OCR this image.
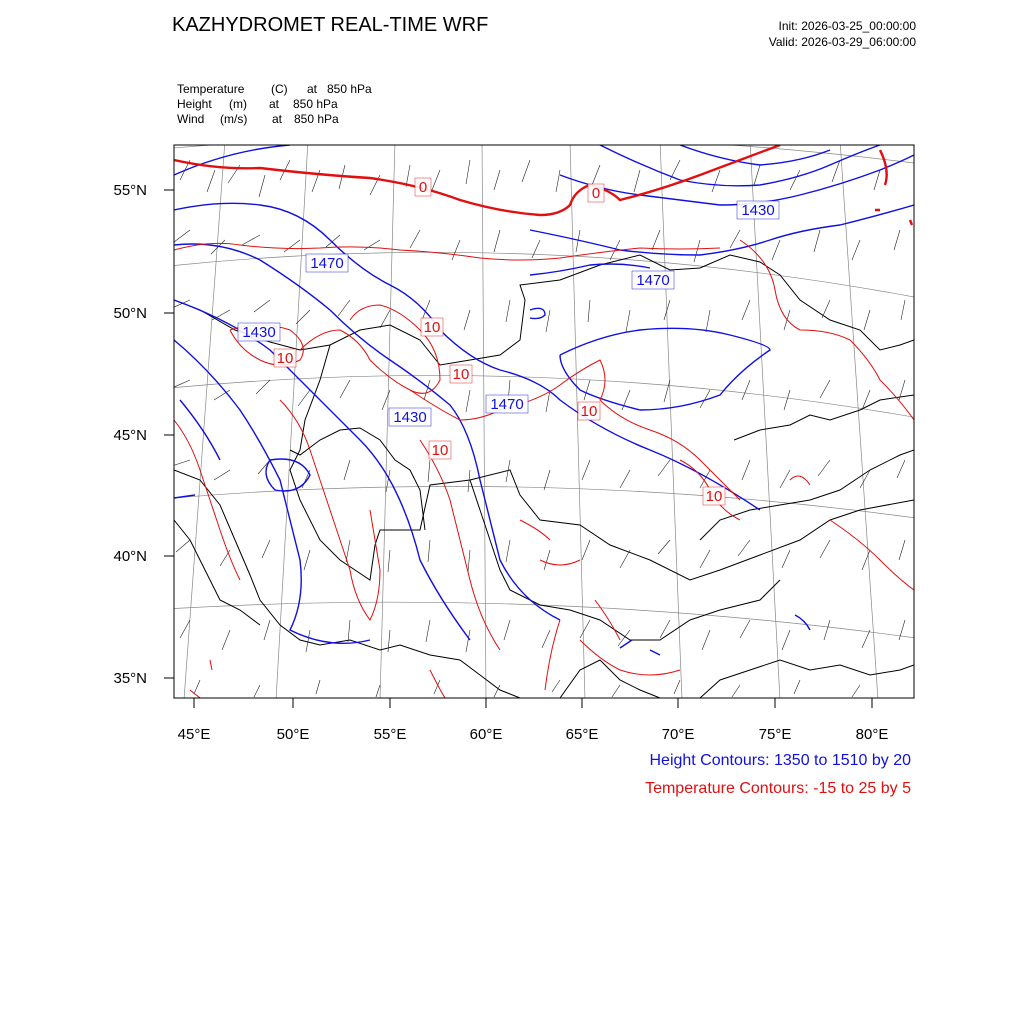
KAZHYDROMET REAL-TIME WRF	Init: 2026-03-25_00:00:00
Valid: 2026-03-29_06:00:00
Temperature (C) at 850 hPa
Height (m) at 850 hPa
Wind (m/s) at 850 hPa
55°N
50°N
45°N
40°N
35°N
45°E	50°E	55°E	60°E	65°E	70°E	75°E	80°E
1470
1430
1430
1470
1470
1430
0	0
10
10
10
10
10
10
Height Contours: 1350 to 1510 by 20
Temperature Contours: -15 to 25 by 5
